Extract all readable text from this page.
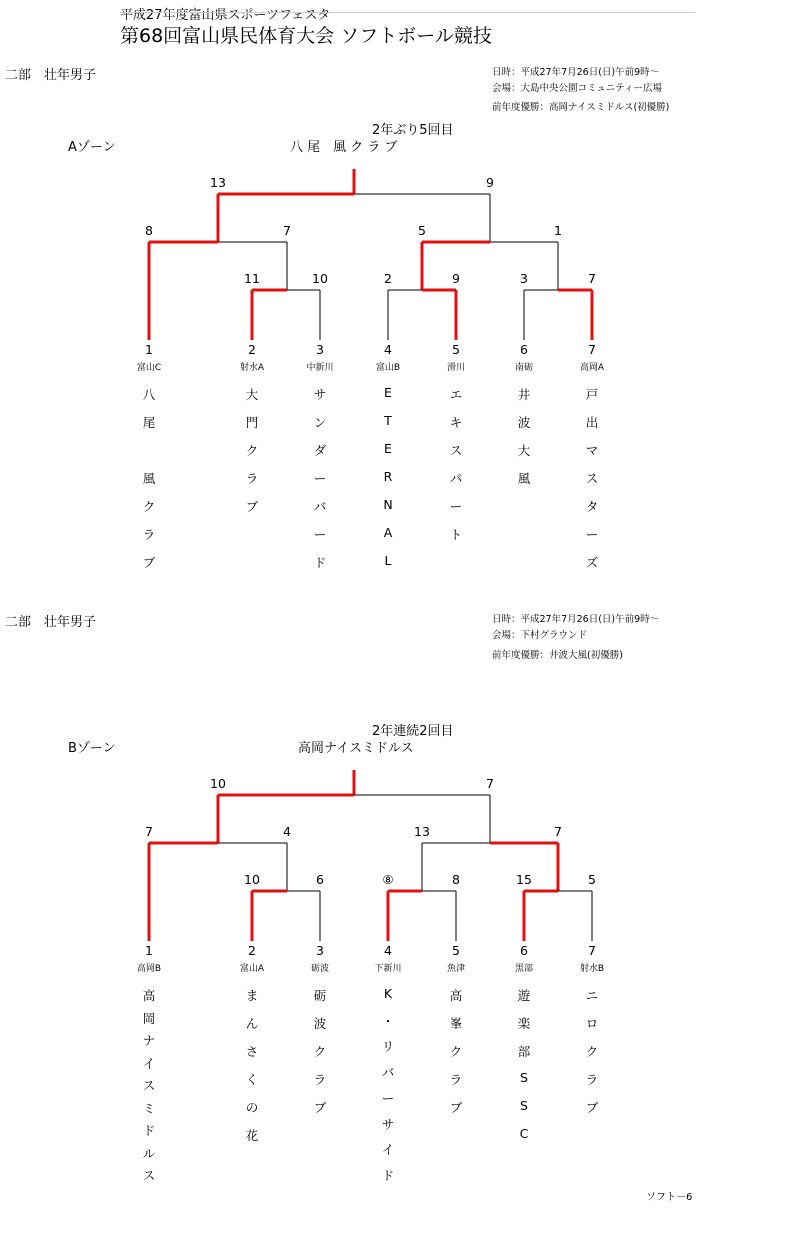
平成27年度富山県スポーツフェスタ
第68回富山県民体育大会 ソフトボール競技
二部　壮年男子	日時：平成27年7月26日(日)午前9時～
会場：大島中央公園コミュニティー広場
前年度優勝：高岡ナイスミドルス(初優勝)
2年ぶり5回目
Aゾーン	八 尾　風 ク ラ ブ
二部　壮年男子	日時：平成27年7月26日(日)午前9時～
会場：下村グラウンド
前年度優勝：井波大風(初優勝)
2年連続2回目
Bゾーン	高岡ナイスミドルス
13	9
8	7	5	1
11	10	2	9	3	7
1
富山C
八
尾
風
ク
ラ
ブ
2
射水A
大
門
ク
ラ
ブ
3
中新川
サ
ン
ダ
ー
バ
ー
ド
4
富山B
E
T
E
R
N
A
L
5
滑川
エ
キ
ス
パ
ー
ト
6
南砺
井
波
大
風
7
高岡A
戸
出
マ
ス
タ
ー
ズ
10	7
7	4	13	7
10	6	⑧	8	15	5
1
高岡B
高
岡
ナ
イ
ス
ミ
ド
ル
ス
2
富山A
ま
ん
さ
く
の
花
3
砺波
砺
波
ク
ラ
ブ
4
下新川
K
・
リ
バ
ー
サ
イ
ド
5
魚津
高
峯
ク
ラ
ブ
6
黒部
遊
楽
部
S
S
C
7
射水B
ニ
ロ
ク
ラ
ブ
ソフト－6
